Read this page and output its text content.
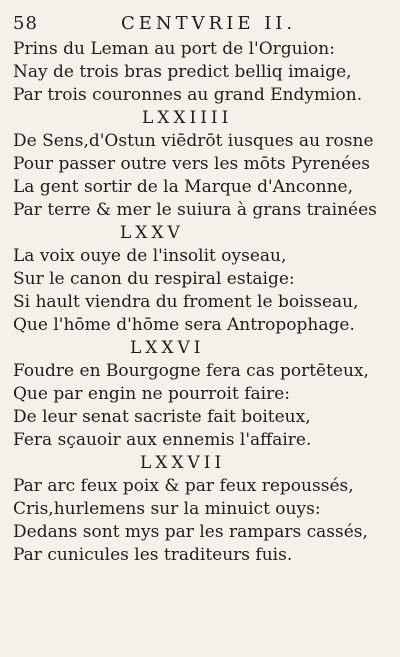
58	CENTVRIE II.
Prins du Leman au port de l'Orguion:
Nay de trois bras predict belliq imaige,
Par trois couronnes au grand Endymion.
LXXIIII
De Sens,d'Ostun viēdrōt iusques au rosne
Pour passer outre vers les mōts Pyrenées
La gent sortir de la Marque d'Anconne,
Par terre & mer le suiura à grans trainées
LXXV
La voix ouye de l'insolit oyseau,
Sur le canon du respiral estaige:
Si hault viendra du froment le boisseau,
Que l'hōme d'hōme sera Antropophage.
LXXVI
Foudre en Bourgogne fera cas portēteux,
Que par engin ne pourroit faire:
De leur senat sacriste fait boiteux,
Fera sçauoir aux ennemis l'affaire.
LXXVII
Par arc feux poix & par feux repoussés,
Cris,hurlemens sur la minuict ouys:
Dedans sont mys par les rampars cassés,
Par cunicules les traditeurs fuis.
